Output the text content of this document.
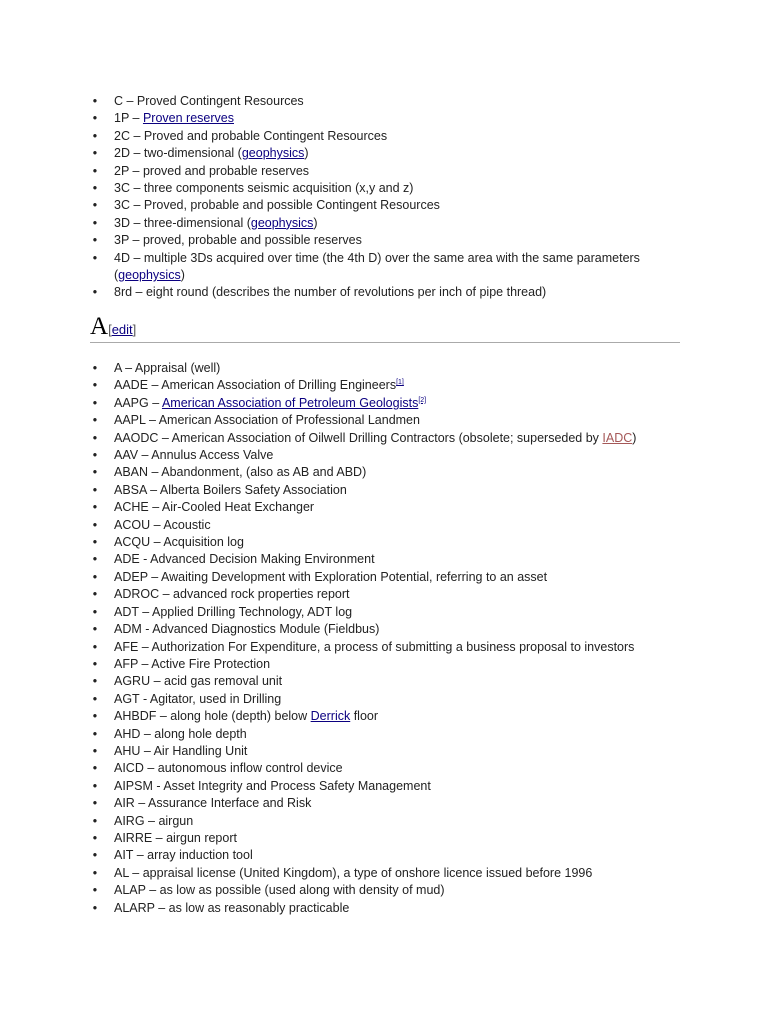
• C – Proved Contingent Resources
• 1P – Proven reserves
• 2C – Proved and probable Contingent Resources
• 2D – two-dimensional (geophysics)
• 2P – proved and probable reserves
• 3C – three components seismic acquisition (x,y and z)
• 3C – Proved, probable and possible Contingent Resources
• 3D – three-dimensional (geophysics)
• 3P – proved, probable and possible reserves
• 4D – multiple 3Ds acquired over time (the 4th D) over the same area with the same parameters (geophysics)
• 8rd – eight round (describes the number of revolutions per inch of pipe thread)
A[edit]
• A – Appraisal (well)
• AADE – American Association of Drilling Engineers[1]
• AAPG – American Association of Petroleum Geologists[2]
• AAPL – American Association of Professional Landmen
• AAODC – American Association of Oilwell Drilling Contractors (obsolete; superseded by IADC)
• AAV – Annulus Access Valve
• ABAN – Abandonment, (also as AB and ABD)
• ABSA – Alberta Boilers Safety Association
• ACHE – Air-Cooled Heat Exchanger
• ACOU – Acoustic
• ACQU – Acquisition log
• ADE - Advanced Decision Making Environment
• ADEP – Awaiting Development with Exploration Potential, referring to an asset
• ADROC – advanced rock properties report
• ADT – Applied Drilling Technology, ADT log
• ADM - Advanced Diagnostics Module (Fieldbus)
• AFE – Authorization For Expenditure, a process of submitting a business proposal to investors
• AFP – Active Fire Protection
• AGRU – acid gas removal unit
• AGT - Agitator, used in Drilling
• AHBDF – along hole (depth) below Derrick floor
• AHD – along hole depth
• AHU – Air Handling Unit
• AICD – autonomous inflow control device
• AIPSM - Asset Integrity and Process Safety Management
• AIR – Assurance Interface and Risk
• AIRG – airgun
• AIRRE – airgun report
• AIT – array induction tool
• AL – appraisal license (United Kingdom), a type of onshore licence issued before 1996
• ALAP – as low as possible (used along with density of mud)
• ALARP – as low as reasonably practicable
